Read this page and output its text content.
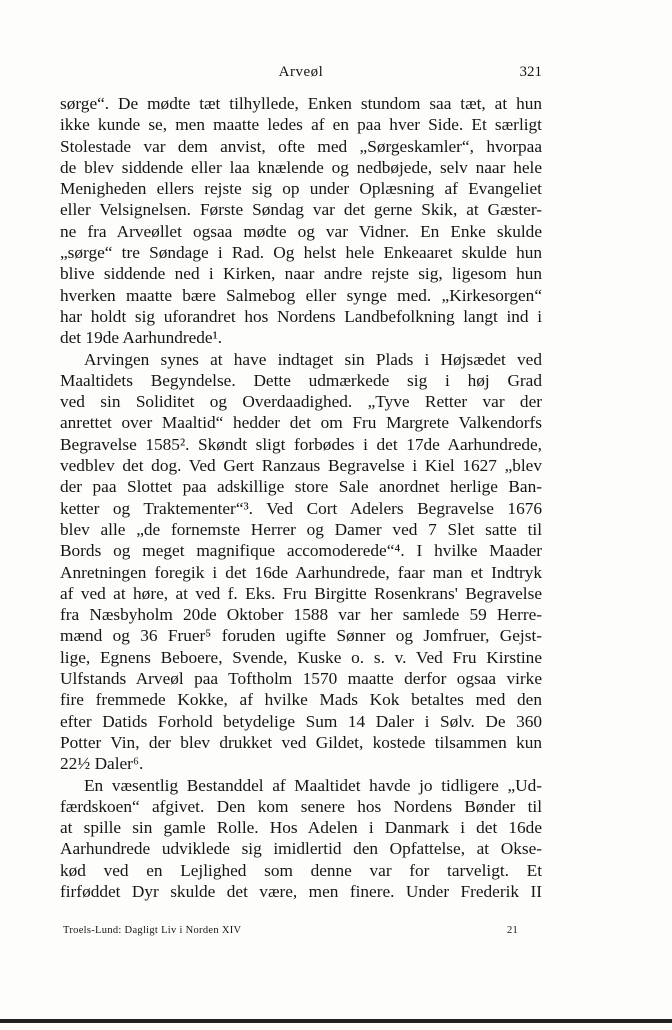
Arveøl	321
sørge“. De mødte tæt tilhyllede, Enken stundom saa tæt, at hun
ikke kunde se, men maatte ledes af en paa hver Side. Et særligt
Stolestade var dem anvist, ofte med „Sørgeskamler“, hvorpaa
de blev siddende eller laa knælende og nedbøjede, selv naar hele
Menigheden ellers rejste sig op under Oplæsning af Evangeliet
eller Velsignelsen. Første Søndag var det gerne Skik, at Gæster-
ne fra Arveøllet ogsaa mødte og var Vidner. En Enke skulde
„sørge“ tre Søndage i Rad. Og helst hele Enkeaaret skulde hun
blive siddende ned i Kirken, naar andre rejste sig, ligesom hun
hverken maatte bære Salmebog eller synge med. „Kirkesorgen“
har holdt sig uforandret hos Nordens Landbefolkning langt ind i
det 19de Aarhundrede¹.
Arvingen synes at have indtaget sin Plads i Højsædet ved
Maaltidets Begyndelse. Dette udmærkede sig i høj Grad
ved sin Soliditet og Overdaadighed. „Tyve Retter var der
anrettet over Maaltid“ hedder det om Fru Margrete Valkendorfs
Begravelse 1585². Skøndt sligt forbødes i det 17de Aarhundrede,
vedblev det dog. Ved Gert Ranzaus Begravelse i Kiel 1627 „blev
der paa Slottet paa adskillige store Sale anordnet herlige Ban-
ketter og Traktementer“³. Ved Cort Adelers Begravelse 1676
blev alle „de fornemste Herrer og Damer ved 7 Slet satte til
Bords og meget magnifique accomoderede“⁴. I hvilke Maader
Anretningen foregik i det 16de Aarhundrede, faar man et Indtryk
af ved at høre, at ved f. Eks. Fru Birgitte Rosenkrans' Begravelse
fra Næsbyholm 20de Oktober 1588 var her samlede 59 Herre-
mænd og 36 Fruer⁵ foruden ugifte Sønner og Jomfruer, Gejst-
lige, Egnens Beboere, Svende, Kuske o. s. v. Ved Fru Kirstine
Ulfstands Arveøl paa Toftholm 1570 maatte derfor ogsaa virke
fire fremmede Kokke, af hvilke Mads Kok betaltes med den
efter Datids Forhold betydelige Sum 14 Daler i Sølv. De 360
Potter Vin, der blev drukket ved Gildet, kostede tilsammen kun
22½ Daler⁶.
En væsentlig Bestanddel af Maaltidet havde jo tidligere „Ud-
færdskoen“ afgivet. Den kom senere hos Nordens Bønder til
at spille sin gamle Rolle. Hos Adelen i Danmark i det 16de
Aarhundrede udviklede sig imidlertid den Opfattelse, at Okse-
kød ved en Lejlighed som denne var for tarveligt. Et
firføddet Dyr skulde det være, men finere. Under Frederik II
Troels-Lund: Dagligt Liv i Norden XIV	21
